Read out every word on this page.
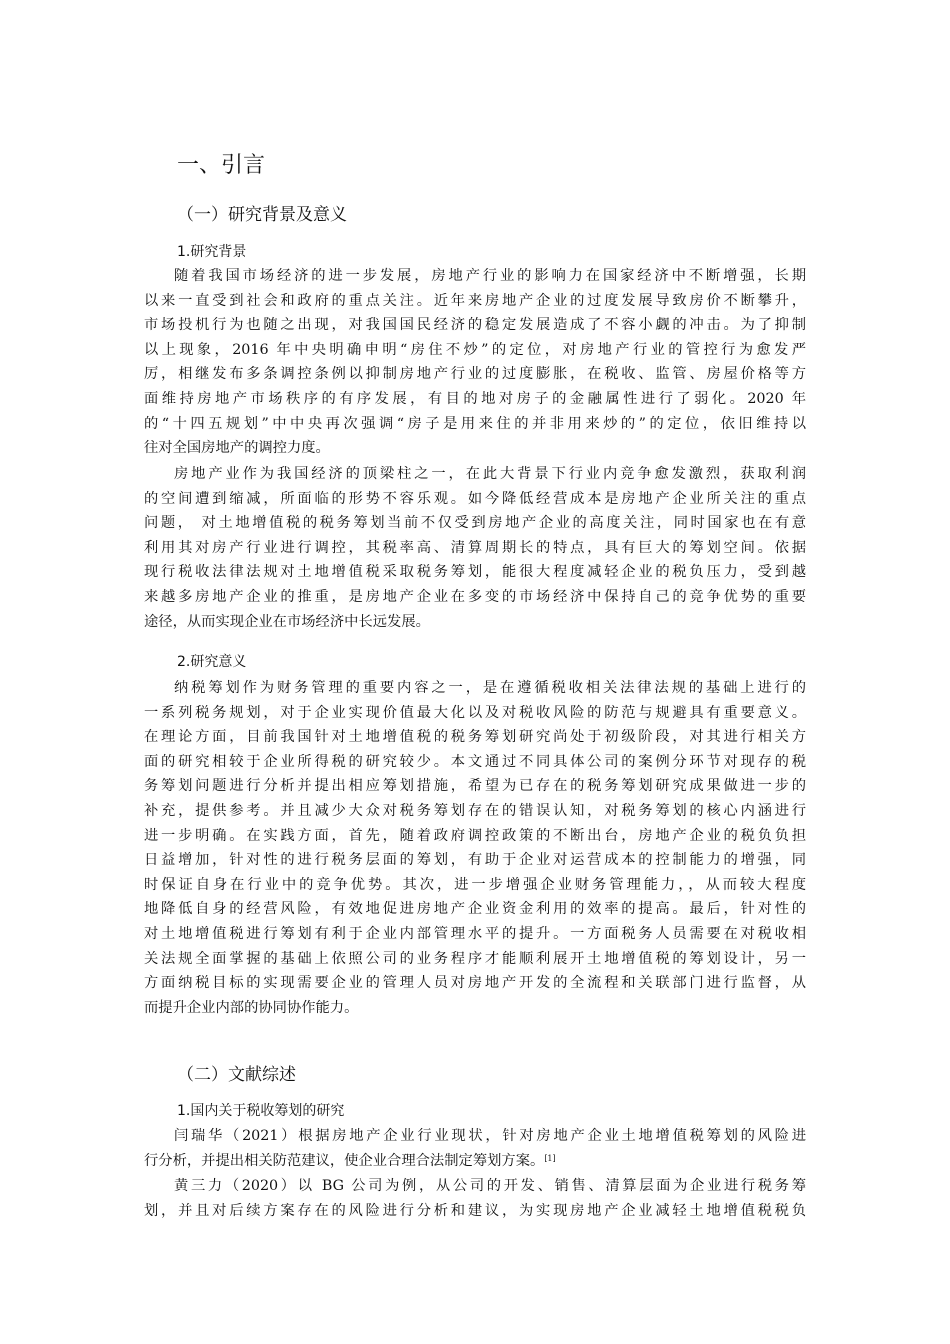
一、引言
（一）研究背景及意义
1.研究背景

随着我国市场经济的进一步发展，房地产行业的影响力在国家经济中不断增强，长期
以来一直受到社会和政府的重点关注。近年来房地产企业的过度发展导致房价不断攀升，
市场投机行为也随之出现，对我国国民经济的稳定发展造成了不容小觑的冲击。为了抑制
以上现象，2016 年中央明确申明“房住不炒”的定位，对房地产行业的管控行为愈发严
厉，相继发布多条调控条例以抑制房地产行业的过度膨胀，在税收、监管、房屋价格等方
面维持房地产市场秩序的有序发展，有目的地对房子的金融属性进行了弱化。2020 年
的“十四五规划”中中央再次强调“房子是用来住的并非用来炒的”的定位，依旧维持以
往对全国房地产的调控力度。

房地产业作为我国经济的顶梁柱之一，在此大背景下行业内竞争愈发激烈，获取利润
的空间遭到缩减，所面临的形势不容乐观。如今降低经营成本是房地产企业所关注的重点
问题， 对土地增值税的税务筹划当前不仅受到房地产企业的高度关注，同时国家也在有意
利用其对房产行业进行调控，其税率高、清算周期长的特点，具有巨大的筹划空间。依据
现行税收法律法规对土地增值税采取税务筹划，能很大程度减轻企业的税负压力，受到越
来越多房地产企业的推重，是房地产企业在多变的市场经济中保持自己的竞争优势的重要
途径，从而实现企业在市场经济中长远发展。

2.研究意义

纳税筹划作为财务管理的重要内容之一，是在遵循税收相关法律法规的基础上进行的
一系列税务规划，对于企业实现价值最大化以及对税收风险的防范与规避具有重要意义。
在理论方面，目前我国针对土地增值税的税务筹划研究尚处于初级阶段，对其进行相关方
面的研究相较于企业所得税的研究较少。本文通过不同具体公司的案例分环节对现存的税
务筹划问题进行分析并提出相应筹划措施，希望为已存在的税务筹划研究成果做进一步的
补充，提供参考。并且减少大众对税务筹划存在的错误认知，对税务筹划的核心内涵进行
进一步明确。在实践方面，首先，随着政府调控政策的不断出台，房地产企业的税负负担
日益增加，针对性的进行税务层面的筹划，有助于企业对运营成本的控制能力的增强，同
时保证自身在行业中的竞争优势。其次，进一步增强企业财务管理能力，，从而较大程度
地降低自身的经营风险，有效地促进房地产企业资金利用的效率的提高。最后，针对性的
对土地增值税进行筹划有利于企业内部管理水平的提升。一方面税务人员需要在对税收相
关法规全面掌握的基础上依照公司的业务程序才能顺利展开土地增值税的筹划设计，另一
方面纳税目标的实现需要企业的管理人员对房地产开发的全流程和关联部门进行监督，从
而提升企业内部的协同协作能力。

（二）文献综述
1.国内关于税收筹划的研究

闫瑞华（2021）根据房地产企业行业现状，针对房地产企业土地增值税筹划的风险进
行分析，并提出相关防范建议，使企业合理合法制定筹划方案。[1]

黄三力（2020）以 BG 公司为例，从公司的开发、销售、清算层面为企业进行税务筹
划，并且对后续方案存在的风险进行分析和建议，为实现房地产企业减轻土地增值税税负
